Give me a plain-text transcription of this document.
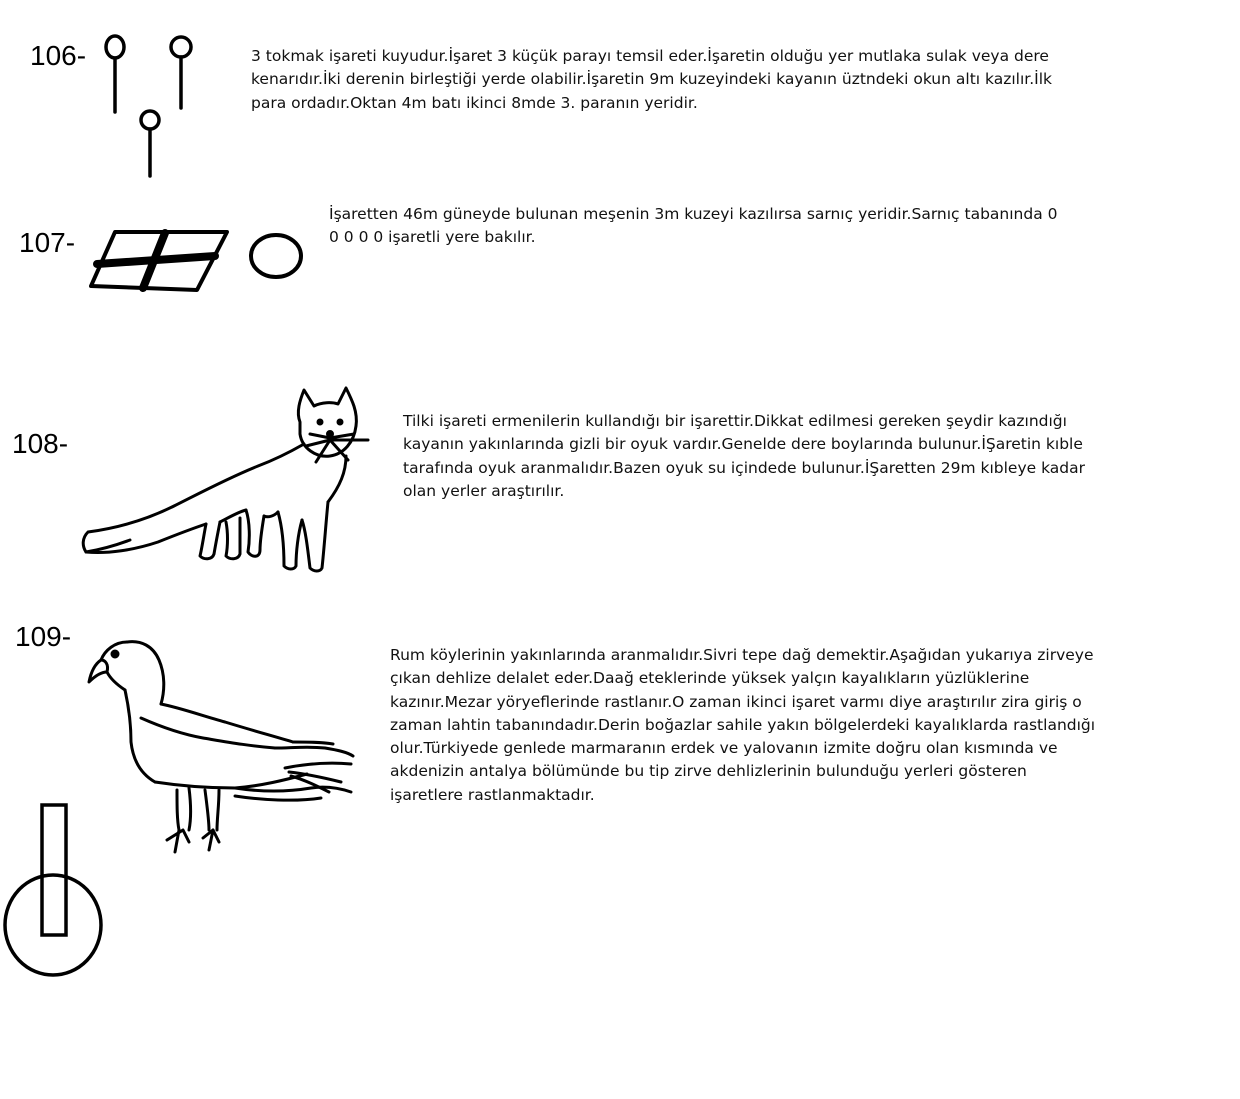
106-	3 tokmak işareti kuyudur.İşaret 3 küçük parayı temsil eder.İşaretin olduğu yer mutlaka sulak veya dere kenarıdır.İki derenin birleştiği yerde olabilir.İşaretin 9m kuzeyindeki kayanın üztndeki okun altı kazılır.İlk para ordadır.Oktan 4m batı ikinci 8mde 3. paranın yeridir.
107-
İşaretten 46m güneyde bulunan meşenin 3m kuzeyi kazılırsa sarnıç yeridir.Sarnıç tabanında 0 0 0 0 0 işaretli yere bakılır.
108-
Tilki işareti ermenilerin kullandığı bir işarettir.Dikkat edilmesi gereken şeydir kazındığı kayanın yakınlarında gizli bir oyuk vardır.Genelde dere boylarında bulunur.İŞaretin kıble tarafında oyuk aranmalıdır.Bazen oyuk su içindede bulunur.İŞaretten 29m kıbleye kadar olan yerler araştırılır.
109-
Rum köylerinin yakınlarında aranmalıdır.Sivri tepe dağ demektir.Aşağıdan yukarıya zirveye çıkan dehlize delalet eder.Daağ eteklerinde yüksek yalçın kayalıkların yüzlüklerine kazınır.Mezar yöryeflerinde rastlanır.O zaman ikinci işaret varmı diye araştırılır zira giriş o zaman lahtin tabanındadır.Derin boğazlar sahile yakın bölgelerdeki kayalıklarda rastlandığı olur.Türkiyede genlede marmaranın erdek ve yalovanın izmite doğru olan kısmında ve akdenizin antalya bölümünde bu tip zirve dehlizlerinin bulunduğu yerleri gösteren işaretlere rastlanmaktadır.
